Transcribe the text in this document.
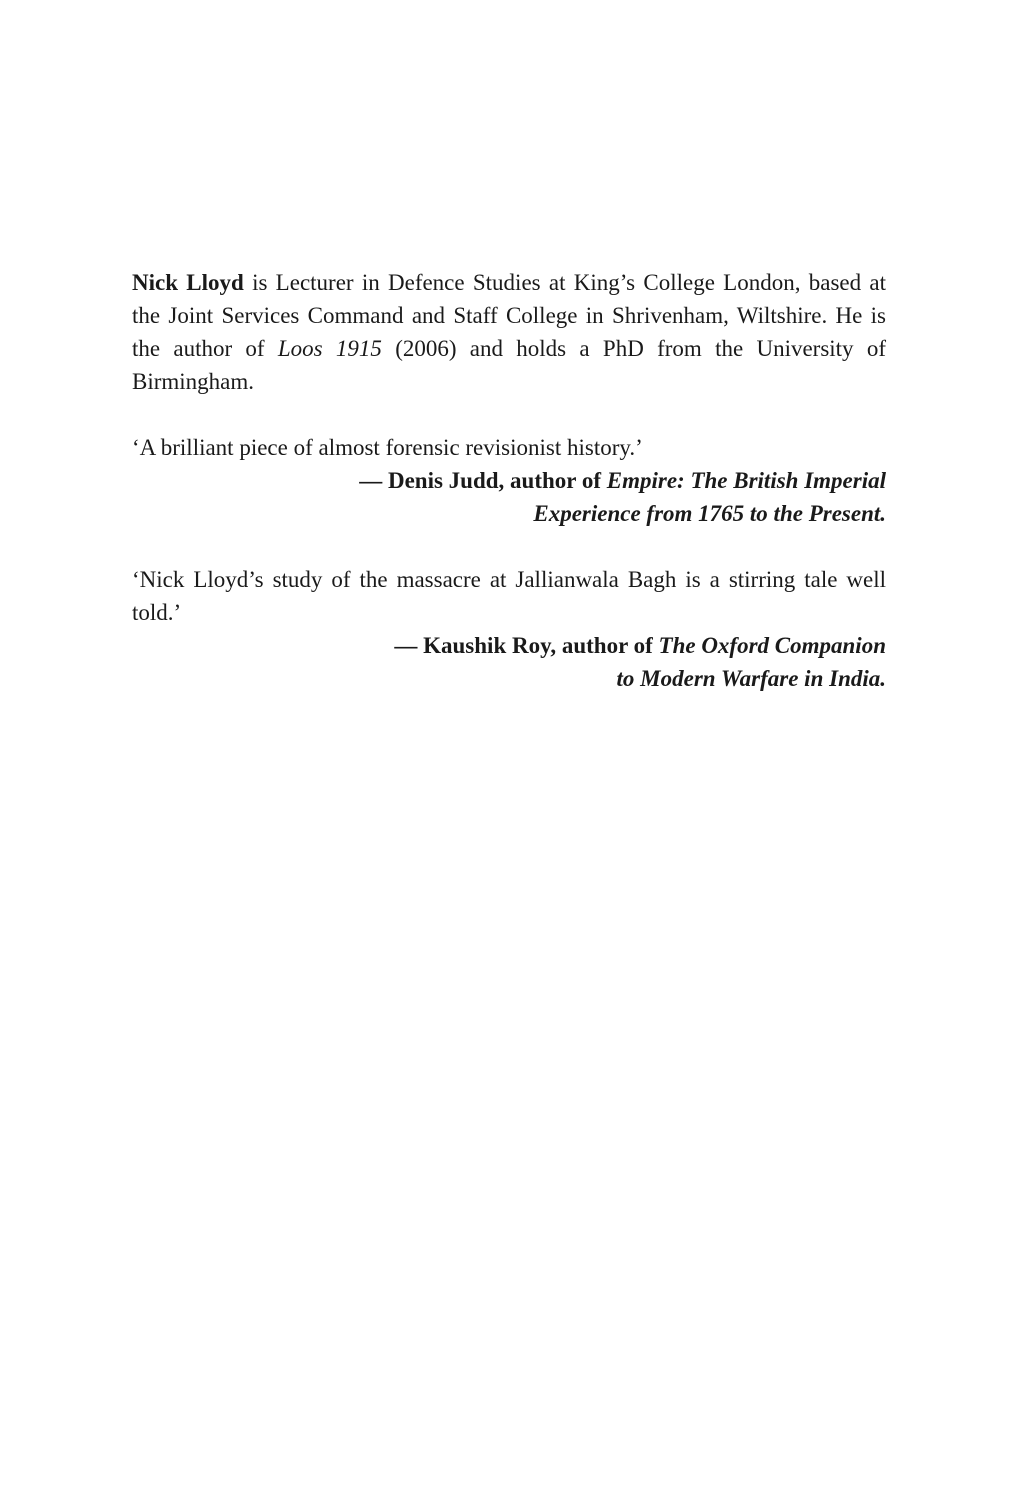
Nick Lloyd is Lecturer in Defence Studies at King’s College London, based at the Joint Services Command and Staff College in Shrivenham, Wiltshire. He is the author of Loos 1915 (2006) and holds a PhD from the University of Birmingham.

‘A brilliant piece of almost forensic revisionist history.’

— Denis Judd, author of Empire: The British Imperial
Experience from 1765 to the Present.

‘Nick Lloyd’s study of the massacre at Jallianwala Bagh is a stirring tale well told.’

— Kaushik Roy, author of The Oxford Companion
to Modern Warfare in India.
